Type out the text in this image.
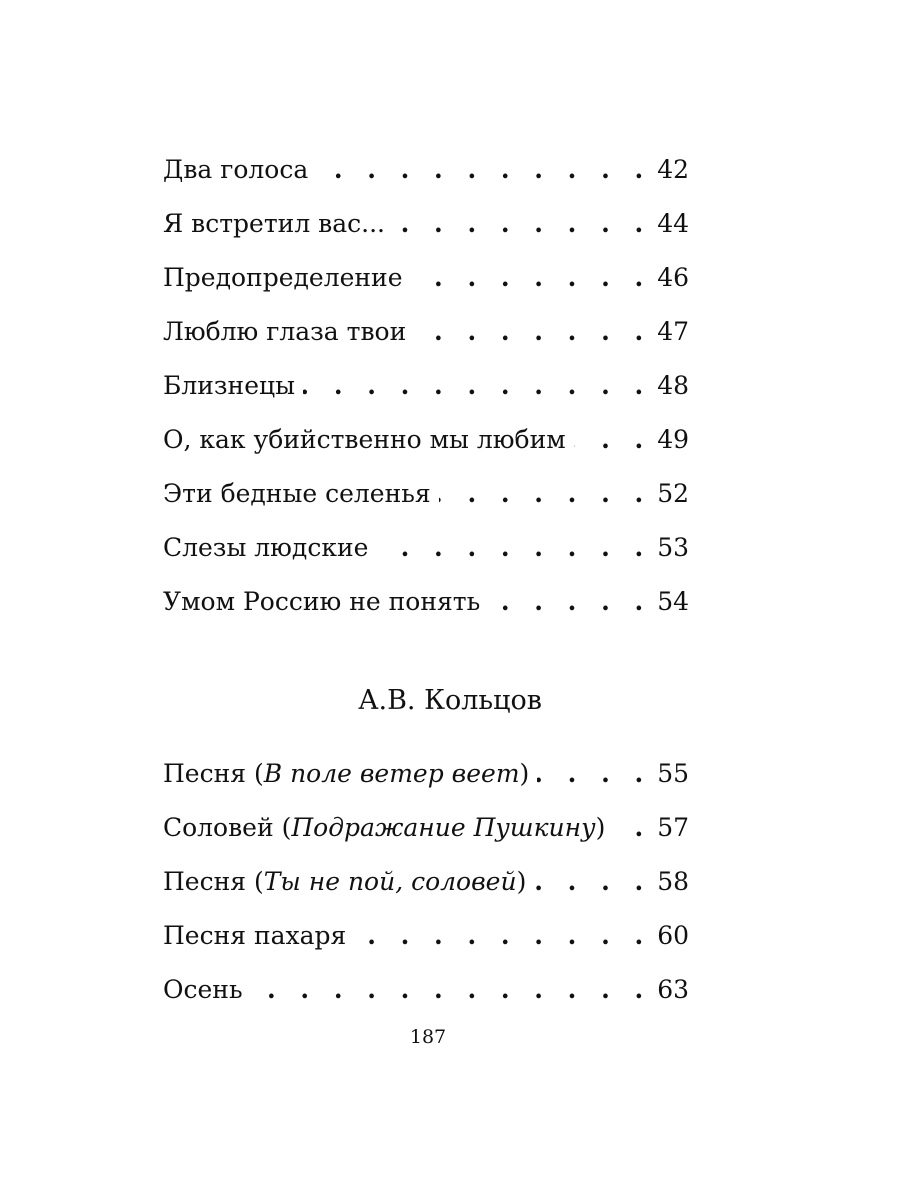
Два голоса . . .	42
Я встретил вас... . . .	44
Предопределение . . .	46
Люблю глаза твои . . .	47
Близнецы . . .	48
О, как убийственно мы любим . . .	49
Эти бедные селенья . . .	52
Слезы людские . . .	53
Умом Россию не понять . . .	54
А.В. Кольцов
Песня (В поле ветер веет) . . .	55
Соловей (Подражание Пушкину) . . . 57
Песня (Ты не пой, соловей) . . .	58
Песня пахаря . . .	60
Осень . . .	63
187
